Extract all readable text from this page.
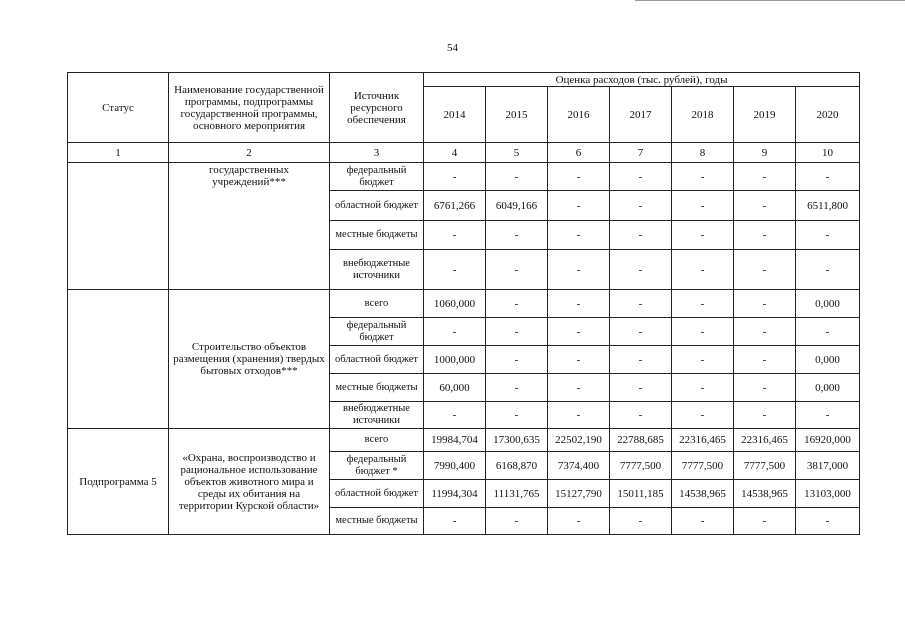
54
Статус	Наименование государственной программы, подпрограммы государственной программы, основного мероприятия	Источник ресурсного обеспечения	Оценка расходов (тыс. рублей), годы						
			2014	2015	2016	2017	2018	2019	2020
1	2	3	4	5	6	7	8	9	10
	государственных учреждений***	федеральный бюджет	-	-	-	-	-	-	-
		областной бюджет	6761,266	6049,166	-	-	-	-	6511,800
		местные бюджеты	-	-	-	-	-	-	-
		внебюджетные источники	-	-	-	-	-	-	-
	Строительство объектов размещения (хранения) твердых бытовых отходов***	всего	1060,000	-	-	-	-	-	0,000
		федеральный бюджет	-	-	-	-	-	-	-
		областной бюджет	1000,000	-	-	-	-	-	0,000
		местные бюджеты	60,000	-	-	-	-	-	0,000
		внебюджетные источники	-	-	-	-	-	-	-
Подпрограмма 5	«Охрана, воспроизводство и рациональное использование объектов животного мира и среды их обитания на территории Курской области»	всего	19984,704	17300,635	22502,190	22788,685	22316,465	22316,465	16920,000
		федеральный бюджет *	7990,400	6168,870	7374,400	7777,500	7777,500	7777,500	3817,000
		областной бюджет	11994,304	11131,765	15127,790	15011,185	14538,965	14538,965	13103,000
		местные бюджеты	-	-	-	-	-	-	-
